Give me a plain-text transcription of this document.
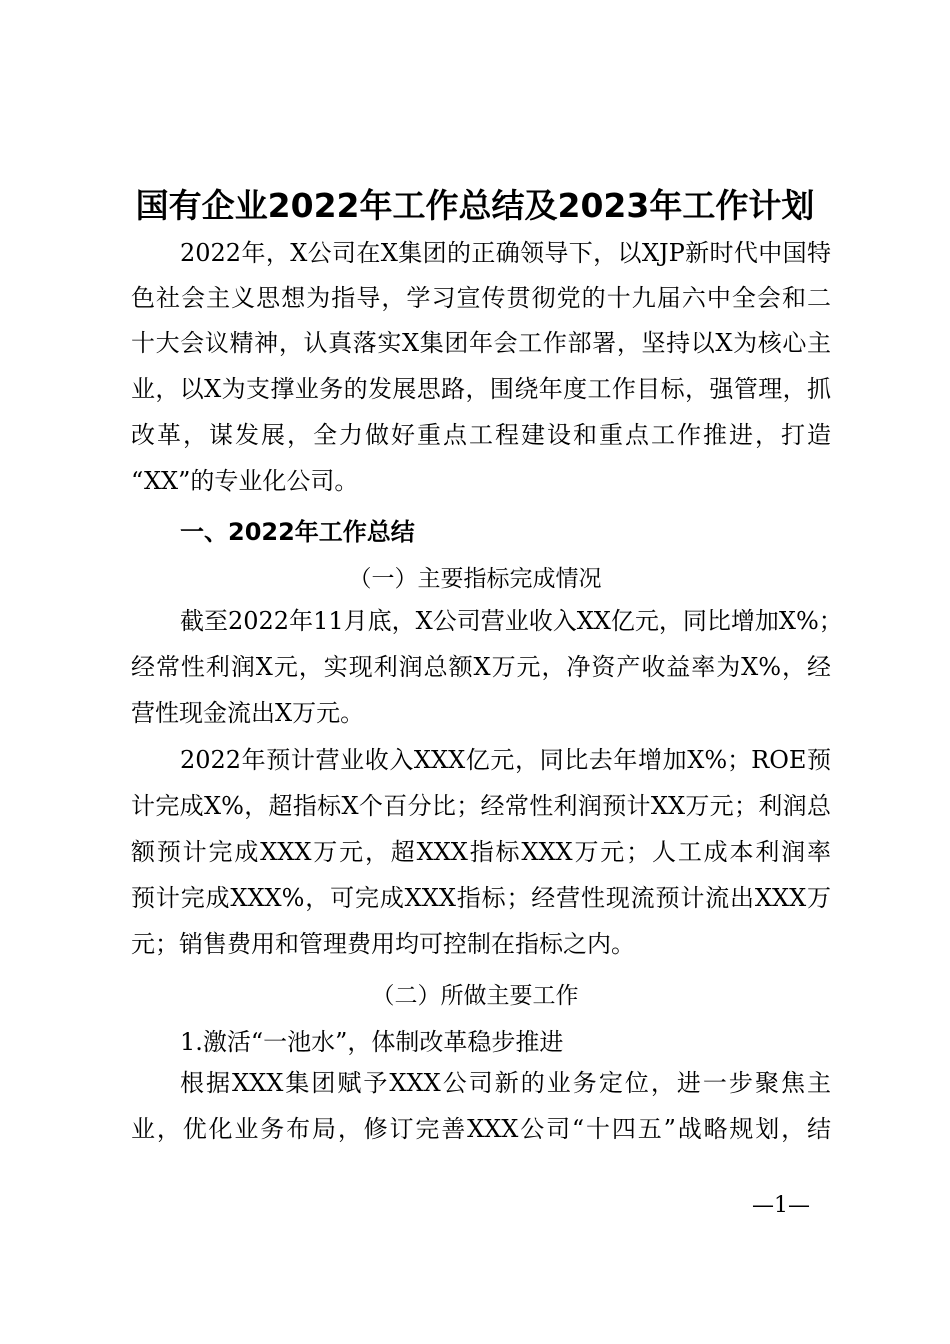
国有企业2022年工作总结及2023年工作计划
2022年，X公司在X集团的正确领导下，以XJP新时代中国特
色社会主义思想为指导，学习宣传贯彻党的十九届六中全会和二
十大会议精神，认真落实X集团年会工作部署，坚持以X为核心主
业，以X为支撑业务的发展思路，围绕年度工作目标，强管理，抓
改革，谋发展，全力做好重点工程建设和重点工作推进，打造
“XX”的专业化公司。
一、2022年工作总结
（一）主要指标完成情况
截至2022年11月底，X公司营业收入XX亿元，同比增加X%；
经常性利润X元，实现利润总额X万元，净资产收益率为X%，经
营性现金流出X万元。
2022年预计营业收入XXX亿元，同比去年增加X%；ROE预
计完成X%，超指标X个百分比；经常性利润预计XX万元；利润总
额预计完成XXX万元，超XXX指标XXX万元；人工成本利润率
预计完成XXX%，可完成XXX指标；经营性现流预计流出XXX万
元；销售费用和管理费用均可控制在指标之内。
（二）所做主要工作
1.激活“一池水”，体制改革稳步推进
根据XXX集团赋予XXX公司新的业务定位，进一步聚焦主
业，优化业务布局，修订完善XXX公司“十四五”战略规划，结
—1—
